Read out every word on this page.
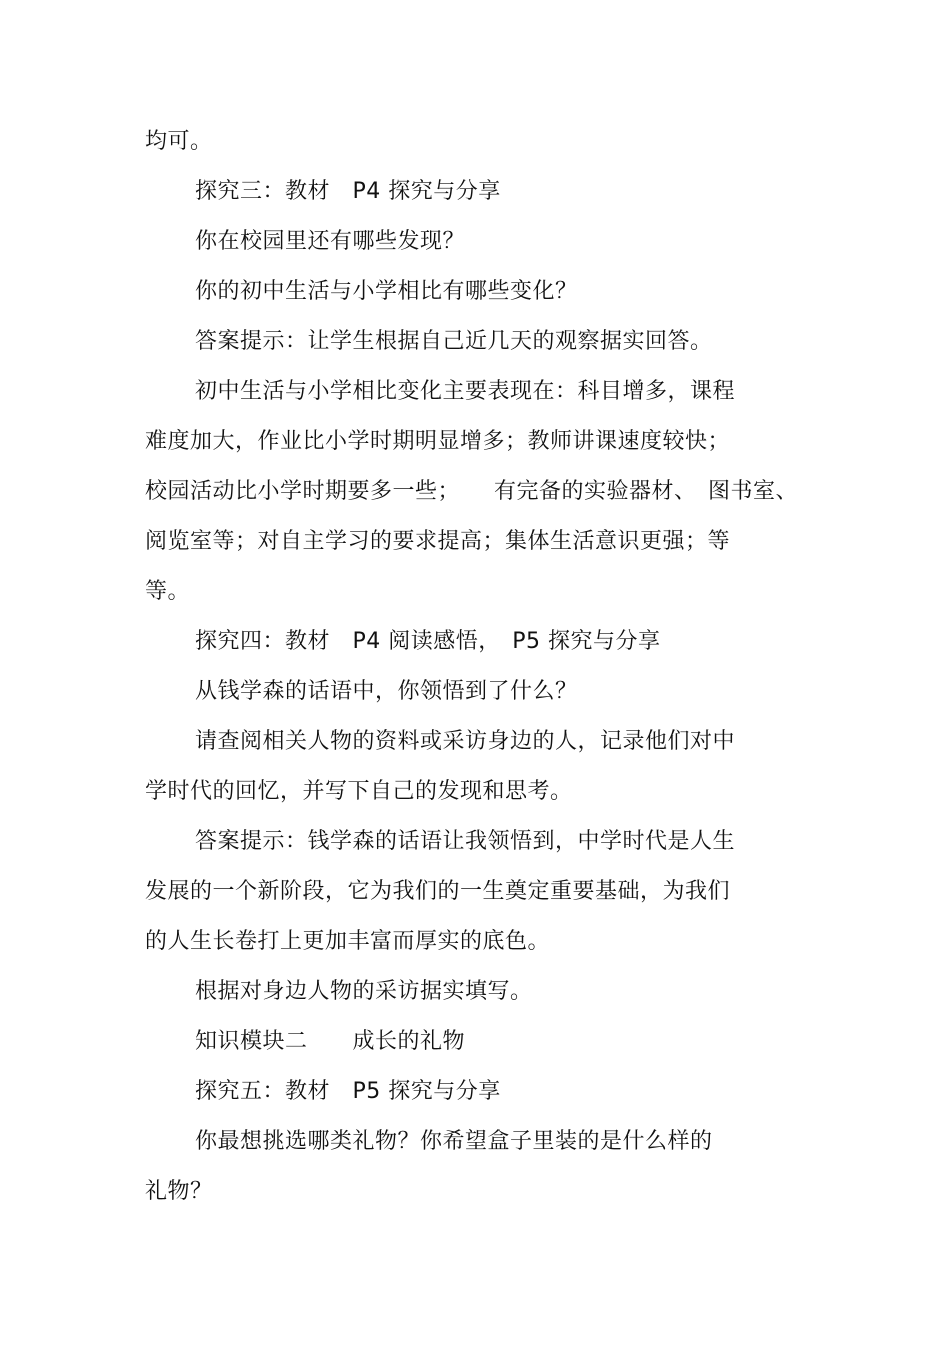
均可。
探究三：教材　P4 探究与分享
你在校园里还有哪些发现？
你的初中生活与小学相比有哪些变化？
答案提示：让学生根据自己近几天的观察据实回答。
初中生活与小学相比变化主要表现在：科目增多，课程
难度加大，作业比小学时期明显增多；教师讲课速度较快；
校园活动比小学时期要多一些；　　有完备的实验器材、　图书室、
阅览室等；对自主学习的要求提高；集体生活意识更强；等
等。
探究四：教材　P4 阅读感悟，　P5 探究与分享
从钱学森的话语中，你领悟到了什么？
请查阅相关人物的资料或采访身边的人，记录他们对中
学时代的回忆，并写下自己的发现和思考。
答案提示：钱学森的话语让我领悟到，中学时代是人生
发展的一个新阶段，它为我们的一生奠定重要基础，为我们
的人生长卷打上更加丰富而厚实的底色。
根据对身边人物的采访据实填写。
知识模块二　　成长的礼物
探究五：教材　P5 探究与分享
你最想挑选哪类礼物？你希望盒子里装的是什么样的
礼物？
